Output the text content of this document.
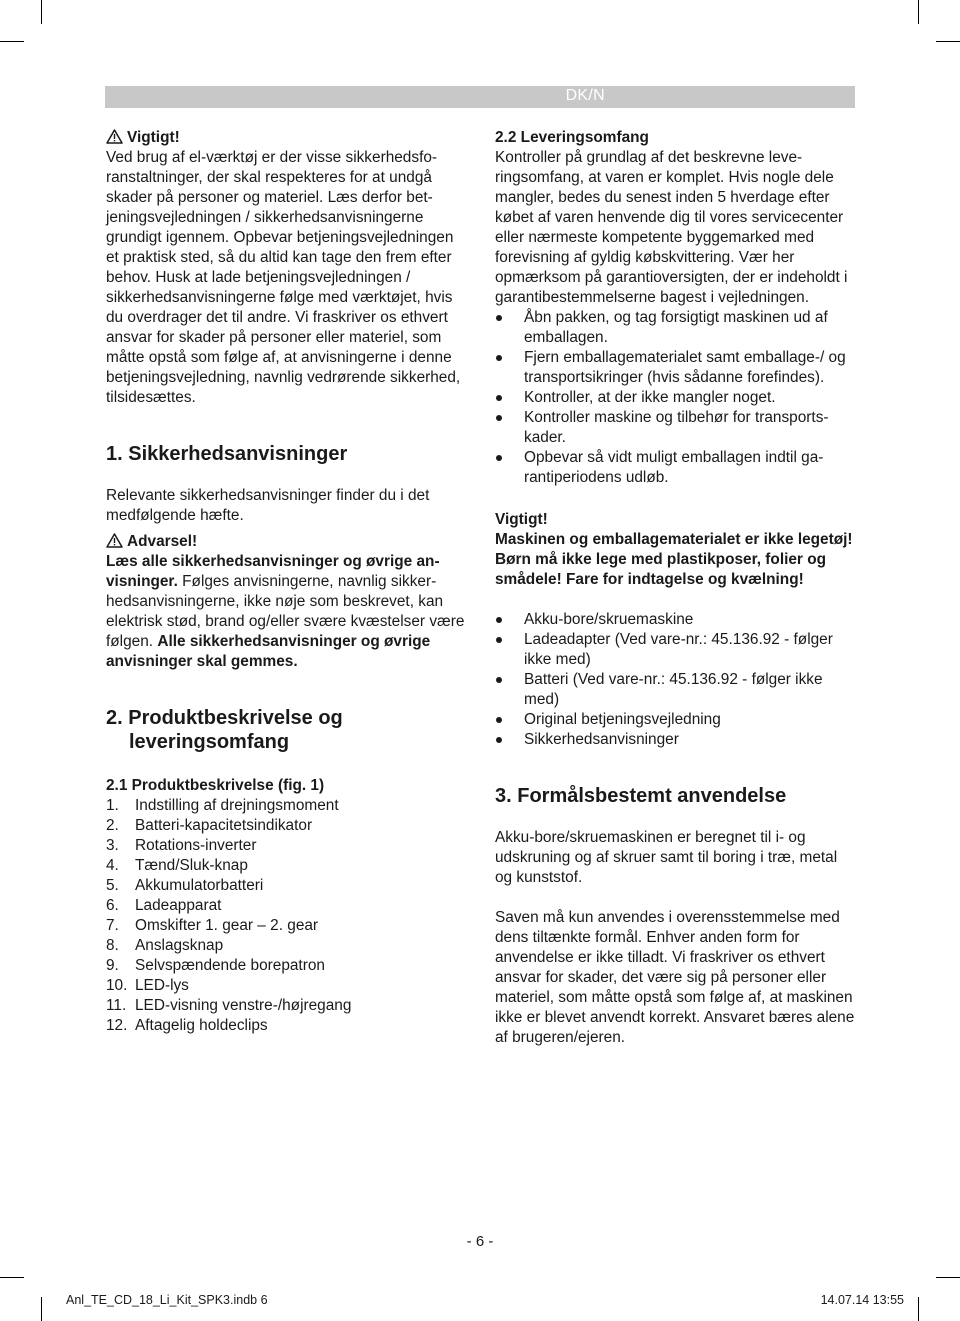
DK/N

Vigtigt!

Ved brug af el-værktøj er der visse sikkerhedsforanstaltninger, der skal respekteres for at undgå skader på personer og materiel. Læs derfor betjeningsvejledningen / sikkerhedsanvisningerne grundigt igennem. Opbevar betjeningsvejledningen et praktisk sted, så du altid kan tage den frem efter behov. Husk at lade betjeningsvejledningen / sikkerhedsanvisningerne følge med værktøjet, hvis du overdrager det til andre. Vi fraskriver os ethvert ansvar for skader på personer eller materiel, som måtte opstå som følge af, at anvisningerne i denne betjeningsvejledning, navnlig vedrørende sikkerhed, tilsidesættes.

1. Sikkerhedsanvisninger

Relevante sikkerhedsanvisninger finder du i det medfølgende hæfte.

Advarsel!

Læs alle sikkerhedsanvisninger og øvrige anvisninger. Følges anvisningerne, navnlig sikkerhedsanvisningerne, ikke nøje som beskrevet, kan elektrisk stød, brand og/eller svære kvæstelser være følgen. Alle sikkerhedsanvisninger og øvrige anvisninger skal gemmes.

2. Produktbeskrivelse og
leveringsomfang

2.1 Produktbeskrivelse (fig. 1)

1. Indstilling af drejningsmoment
2. Batteri-kapacitetsindikator
3. Rotations-inverter
4. Tænd/Sluk-knap
5. Akkumulatorbatteri
6. Ladeapparat
7. Omskifter 1. gear – 2. gear
8. Anslagsknap
9. Selvspændende borepatron
10. LED-lys
11. LED-visning venstre-/højregang
12. Aftagelig holdeclips

2.2 Leveringsomfang

Kontroller på grundlag af det beskrevne leveringsomfang, at varen er komplet. Hvis nogle dele mangler, bedes du senest inden 5 hverdage efter købet af varen henvende dig til vores servicecenter eller nærmeste kompetente byggemarked med forevisning af gyldig købskvittering. Vær her opmærksom på garantioversigten, der er indeholdt i garantibestemmelserne bagest i vejledningen.

Åbn pakken, og tag forsigtigt maskinen ud af emballagen.
Fjern emballagematerialet samt emballage-/ og transportsikringer (hvis sådanne forefindes).
Kontroller, at der ikke mangler noget.
Kontroller maskine og tilbehør for transportskader.
Opbevar så vidt muligt emballagen indtil garantiperiodens udløb.

Vigtigt!

Maskinen og emballagematerialet er ikke legetøj! Børn må ikke lege med plastikposer, folier og smådele! Fare for indtagelse og kvælning!

Akku-bore/skruemaskine
Ladeadapter (Ved vare-nr.: 45.136.92 - følger ikke med)
Batteri (Ved vare-nr.: 45.136.92 - følger ikke med)
Original betjeningsvejledning
Sikkerhedsanvisninger
3. Formålsbestemt anvendelse

Akku-bore/skruemaskinen er beregnet til i- og udskruning og af skruer samt til boring i træ, metal og kunststof.

Saven må kun anvendes i overensstemmelse med dens tiltænkte formål. Enhver anden form for anvendelse er ikke tilladt. Vi fraskriver os ethvert ansvar for skader, det være sig på personer eller materiel, som måtte opstå som følge af, at maskinen ikke er blevet anvendt korrekt. Ansvaret bæres alene af brugeren/ejeren.

- 6 -
Anl_TE_CD_18_Li_Kit_SPK3.indb 6	14.07.14 13:55
